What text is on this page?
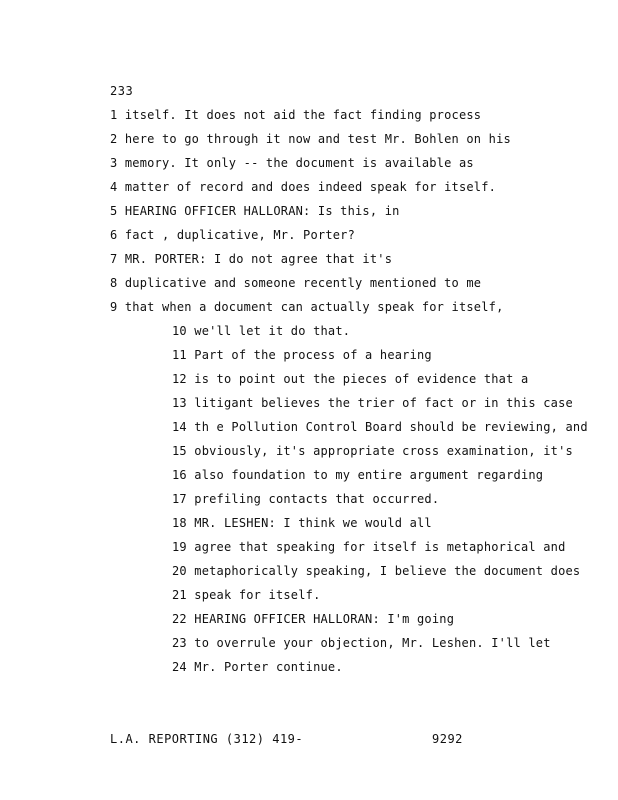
233
1 itself. It does not aid the fact finding process
2 here to go through it now and test Mr. Bohlen on his
3 memory. It only -- the document is available as
4 matter of record and does indeed speak for itself.
5 HEARING OFFICER HALLORAN: Is this, in
6 fact , duplicative, Mr. Porter?
7 MR. PORTER: I do not agree that it's
8 duplicative and someone recently mentioned to me
9 that when a document can actually speak for itself,
10 we'll let it do that.
11 Part of the process of a hearing
12 is to point out the pieces of evidence that a
13 litigant believes the trier of fact or in this case
14 th e Pollution Control Board should be reviewing, and
15 obviously, it's appropriate cross examination, it's
16 also foundation to my entire argument regarding
17 prefiling contacts that occurred.
18 MR. LESHEN: I think we would all
19 agree that speaking for itself is metaphorical and
20 metaphorically speaking, I believe the document does
21 speak for itself.
22 HEARING OFFICER HALLORAN: I'm going
23 to overrule your objection, Mr. Leshen. I'll let
24 Mr. Porter continue.
L.A. REPORTING (312) 419-	9292
